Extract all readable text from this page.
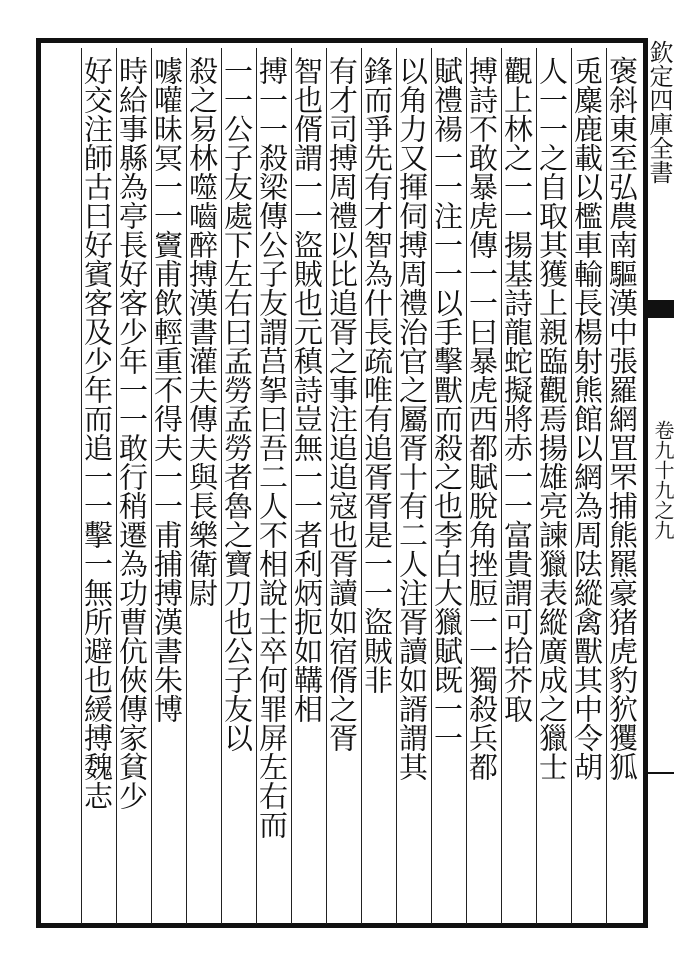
欽定四庫全書
卷九十九之九
褒斜東至弘農南驅漢中張羅網罝罘捕熊羆豪猪虎豹狖玃狐
兎麋鹿載以檻車輸長楊射熊館以網為周阹縱禽獸其中令胡
人一一之自取其獲上親臨觀焉揚雄亮諫獵表縱廣成之獵士
觀上林之一一揚基詩龍蛇擬將赤一一富貴謂可拾芥取
搏詩不敢暴虎傳一一曰暴虎西都賦脫角挫脰一一獨殺兵都
賦禮禓一一注一一以手擊獸而殺之也李白大獵賦既一一
以角力又揮伺搏周禮治官之屬胥十有二人注胥讀如諝謂其
鋒而爭先有才智為什長疏唯有追胥胥是一一盜賊非
有才司搏周禮以比追胥之事注追追寇也胥讀如宿偦之胥
智也偦謂一一盜賊也元稹詩豈無一一者利炳扼如鞲相
搏一一殺梁傳公子友謂莒挐曰吾二人不相說士卒何罪屏左右而
一一公子友處下左右曰孟勞孟勞者魯之寶刀也公子友以
殺之易林噬嚙醉搏漢書灌夫傳夫與長樂衛尉
噱嚾昧冥一一竇甫飲輕重不得夫一一甫捕搏漢書朱博
時給事縣為亭長好客少年一一敢行稍遷為功曹伉俠傳家貧少
好交注師古曰好賓客及少年而追一一擊一無所避也緩搏魏志
